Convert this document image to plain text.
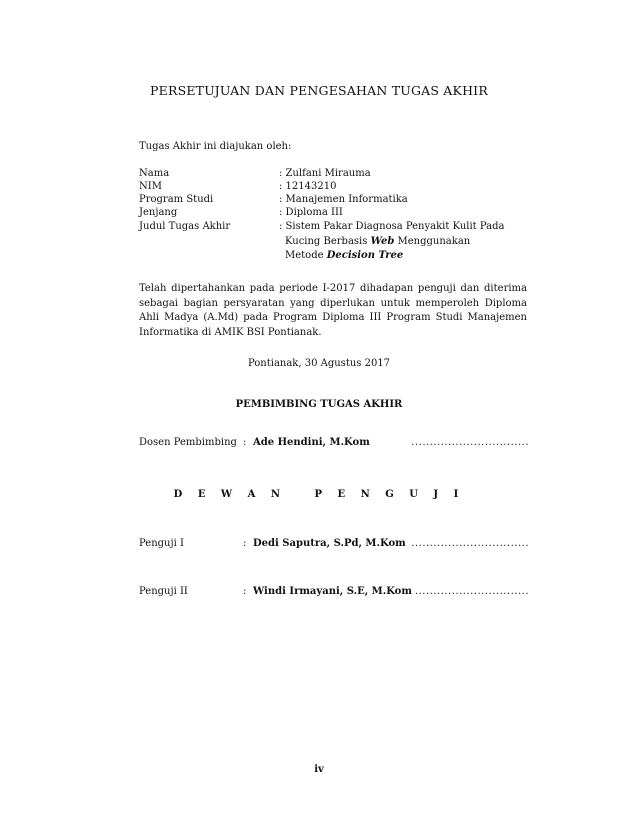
PERSETUJUAN DAN PENGESAHAN TUGAS AKHIR
Tugas Akhir ini diajukan oleh:
Nama	: Zulfani Mirauma
NIM	: 12143210
Program Studi	: Manajemen Informatika
Jenjang	: Diploma III
Judul Tugas Akhir	: Sistem Pakar Diagnosa Penyakit Kulit Pada
Kucing Berbasis Web Menggunakan
Metode Decision Tree
Telah dipertahankan pada periode I-2017 dihadapan penguji dan diterima sebagai bagian persyaratan yang diperlukan untuk memperoleh Diploma Ahli Madya (A.Md) pada Program Diploma III Program Studi Manajemen Informatika di AMIK BSI Pontianak.
Pontianak, 30 Agustus 2017
PEMBIMBING TUGAS AKHIR
Dosen Pembimbing : Ade Hendini, M.Kom	................................
D E W A N   P E N G U J I
Penguji I	: Dedi Saputra, S.Pd, M.Kom ................................
Penguji II	: Windi Irmayani, S.E, M.Kom ...............................
iv
